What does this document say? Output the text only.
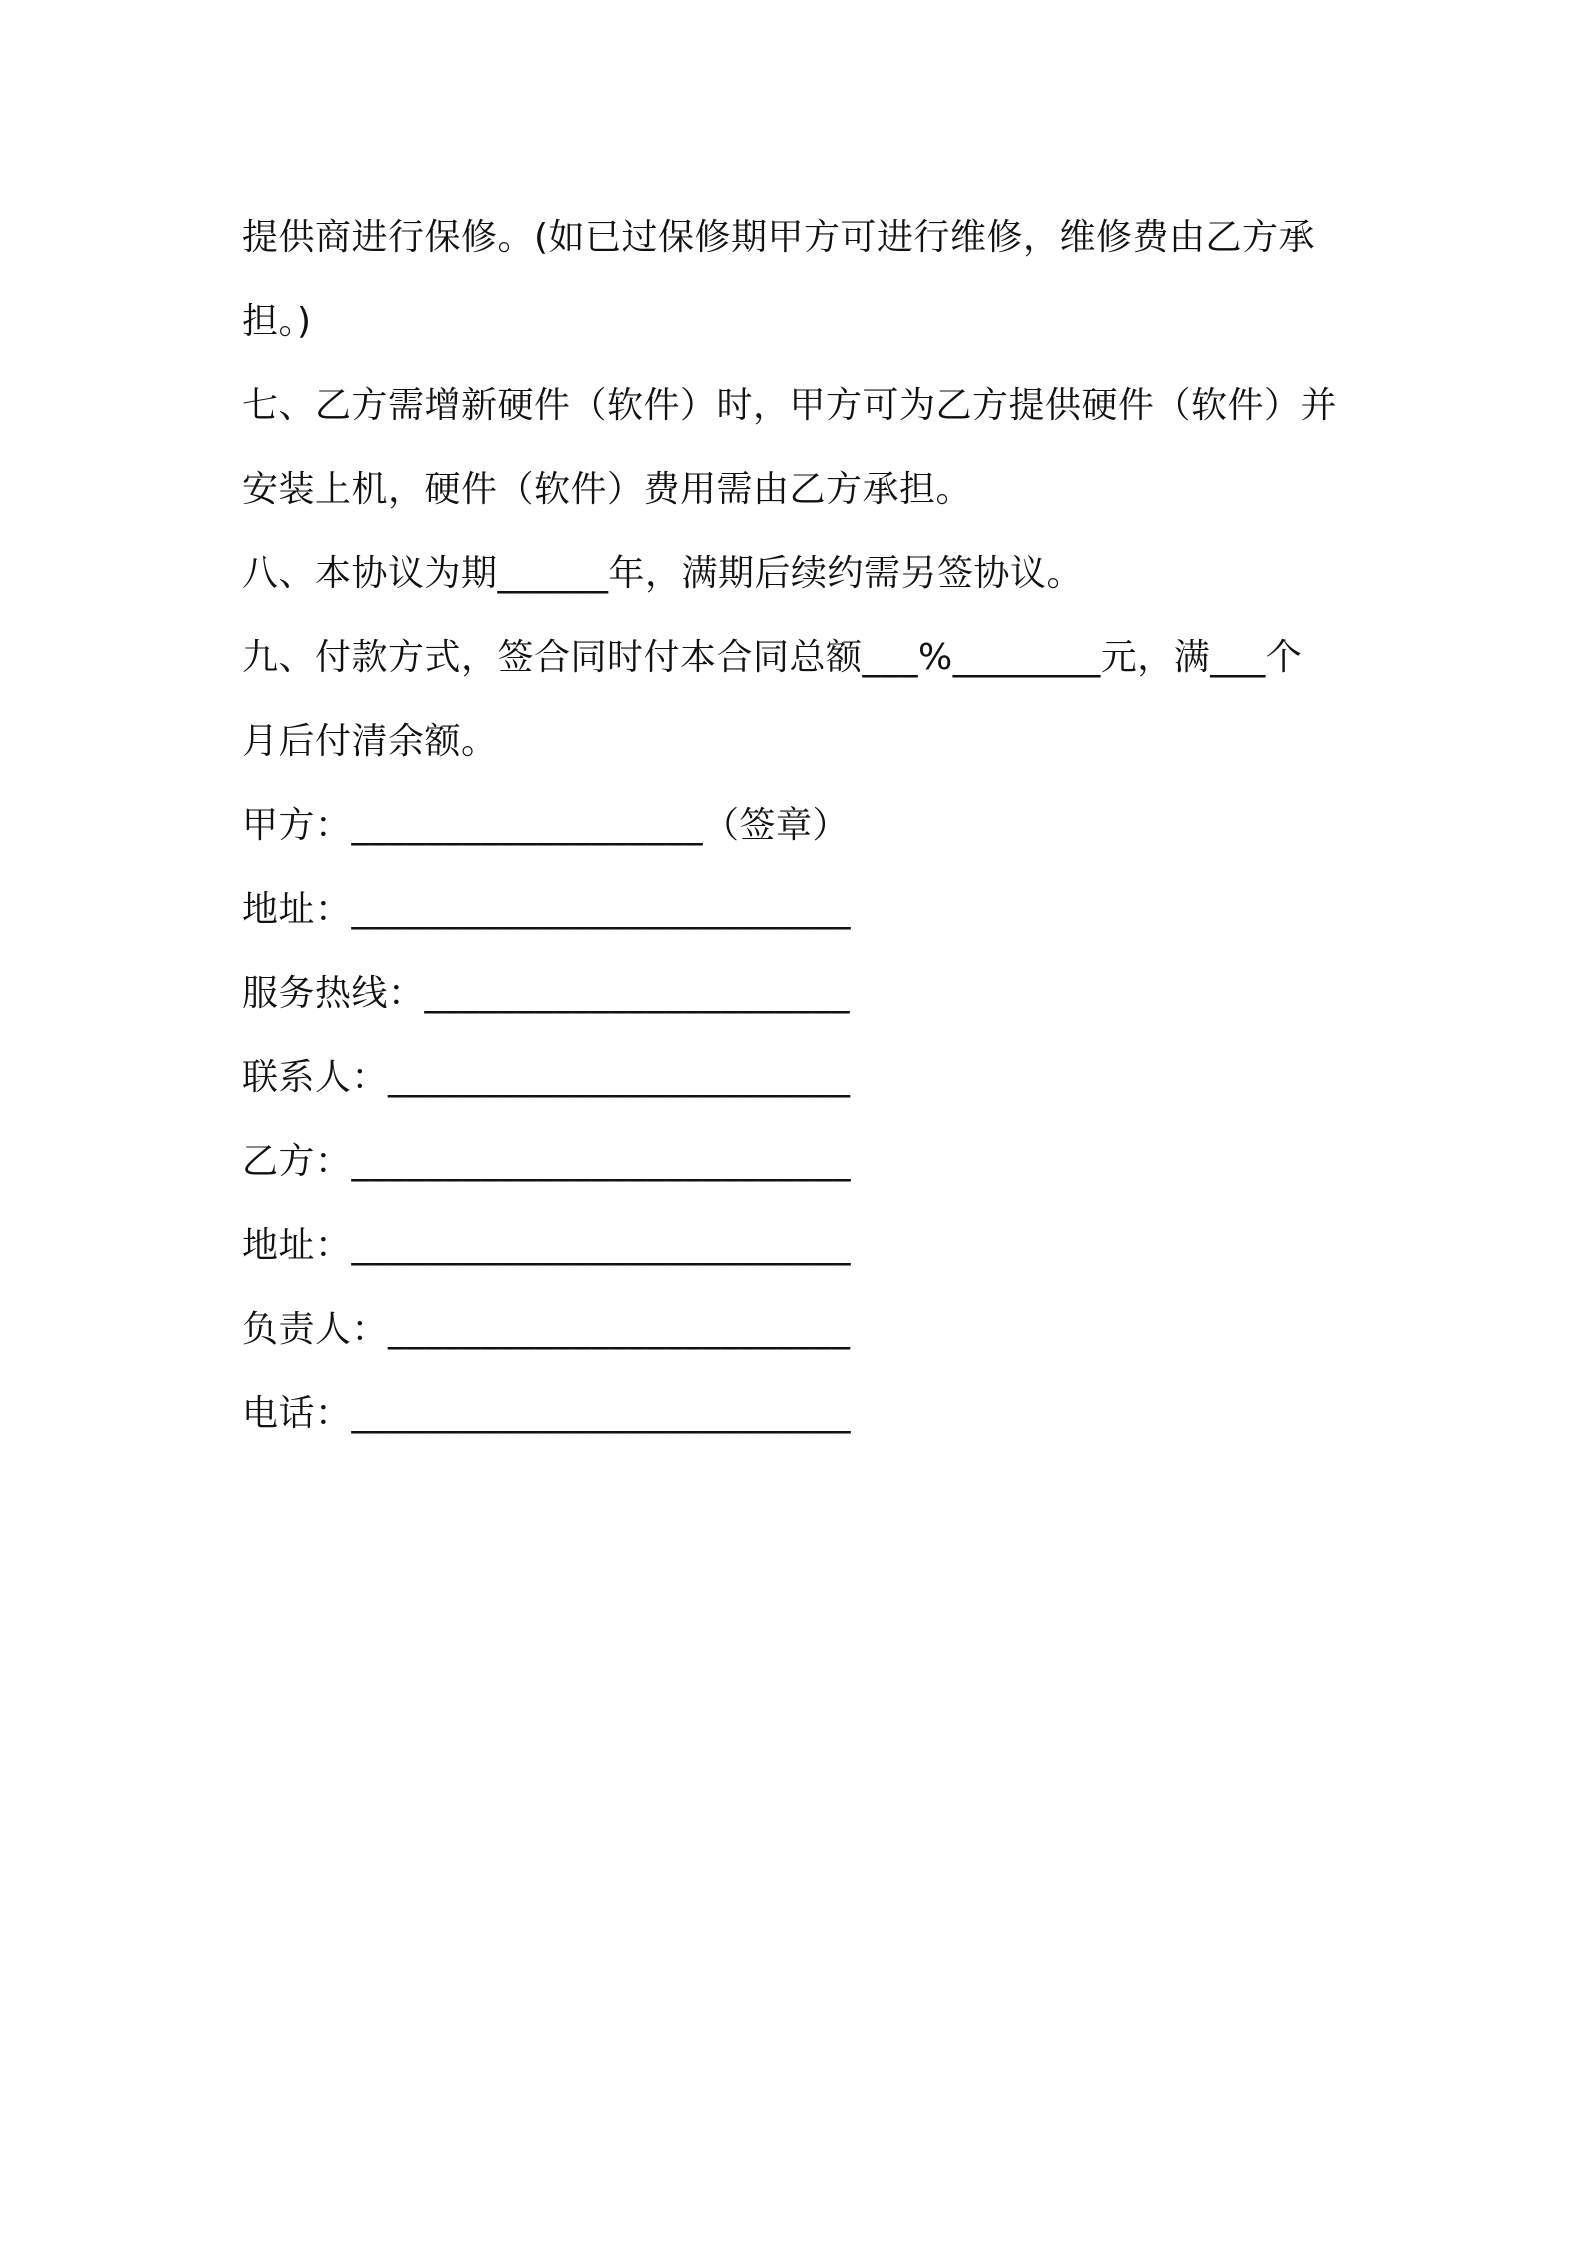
提供商进行保修。(如已过保修期甲方可进行维修，维修费由乙方承
担。)
七、乙方需增新硬件（软件）时，甲方可为乙方提供硬件（软件）并
安装上机，硬件（软件）费用需由乙方承担。
八、本协议为期______年，满期后续约需另签协议。
九、付款方式，签合同时付本合同总额___%________元，满___个
月后付清余额。
甲方：___________________（签章）
地址：___________________________
服务热线：_______________________
联系人：_________________________
乙方：___________________________
地址：___________________________
负责人：_________________________
电话：___________________________
